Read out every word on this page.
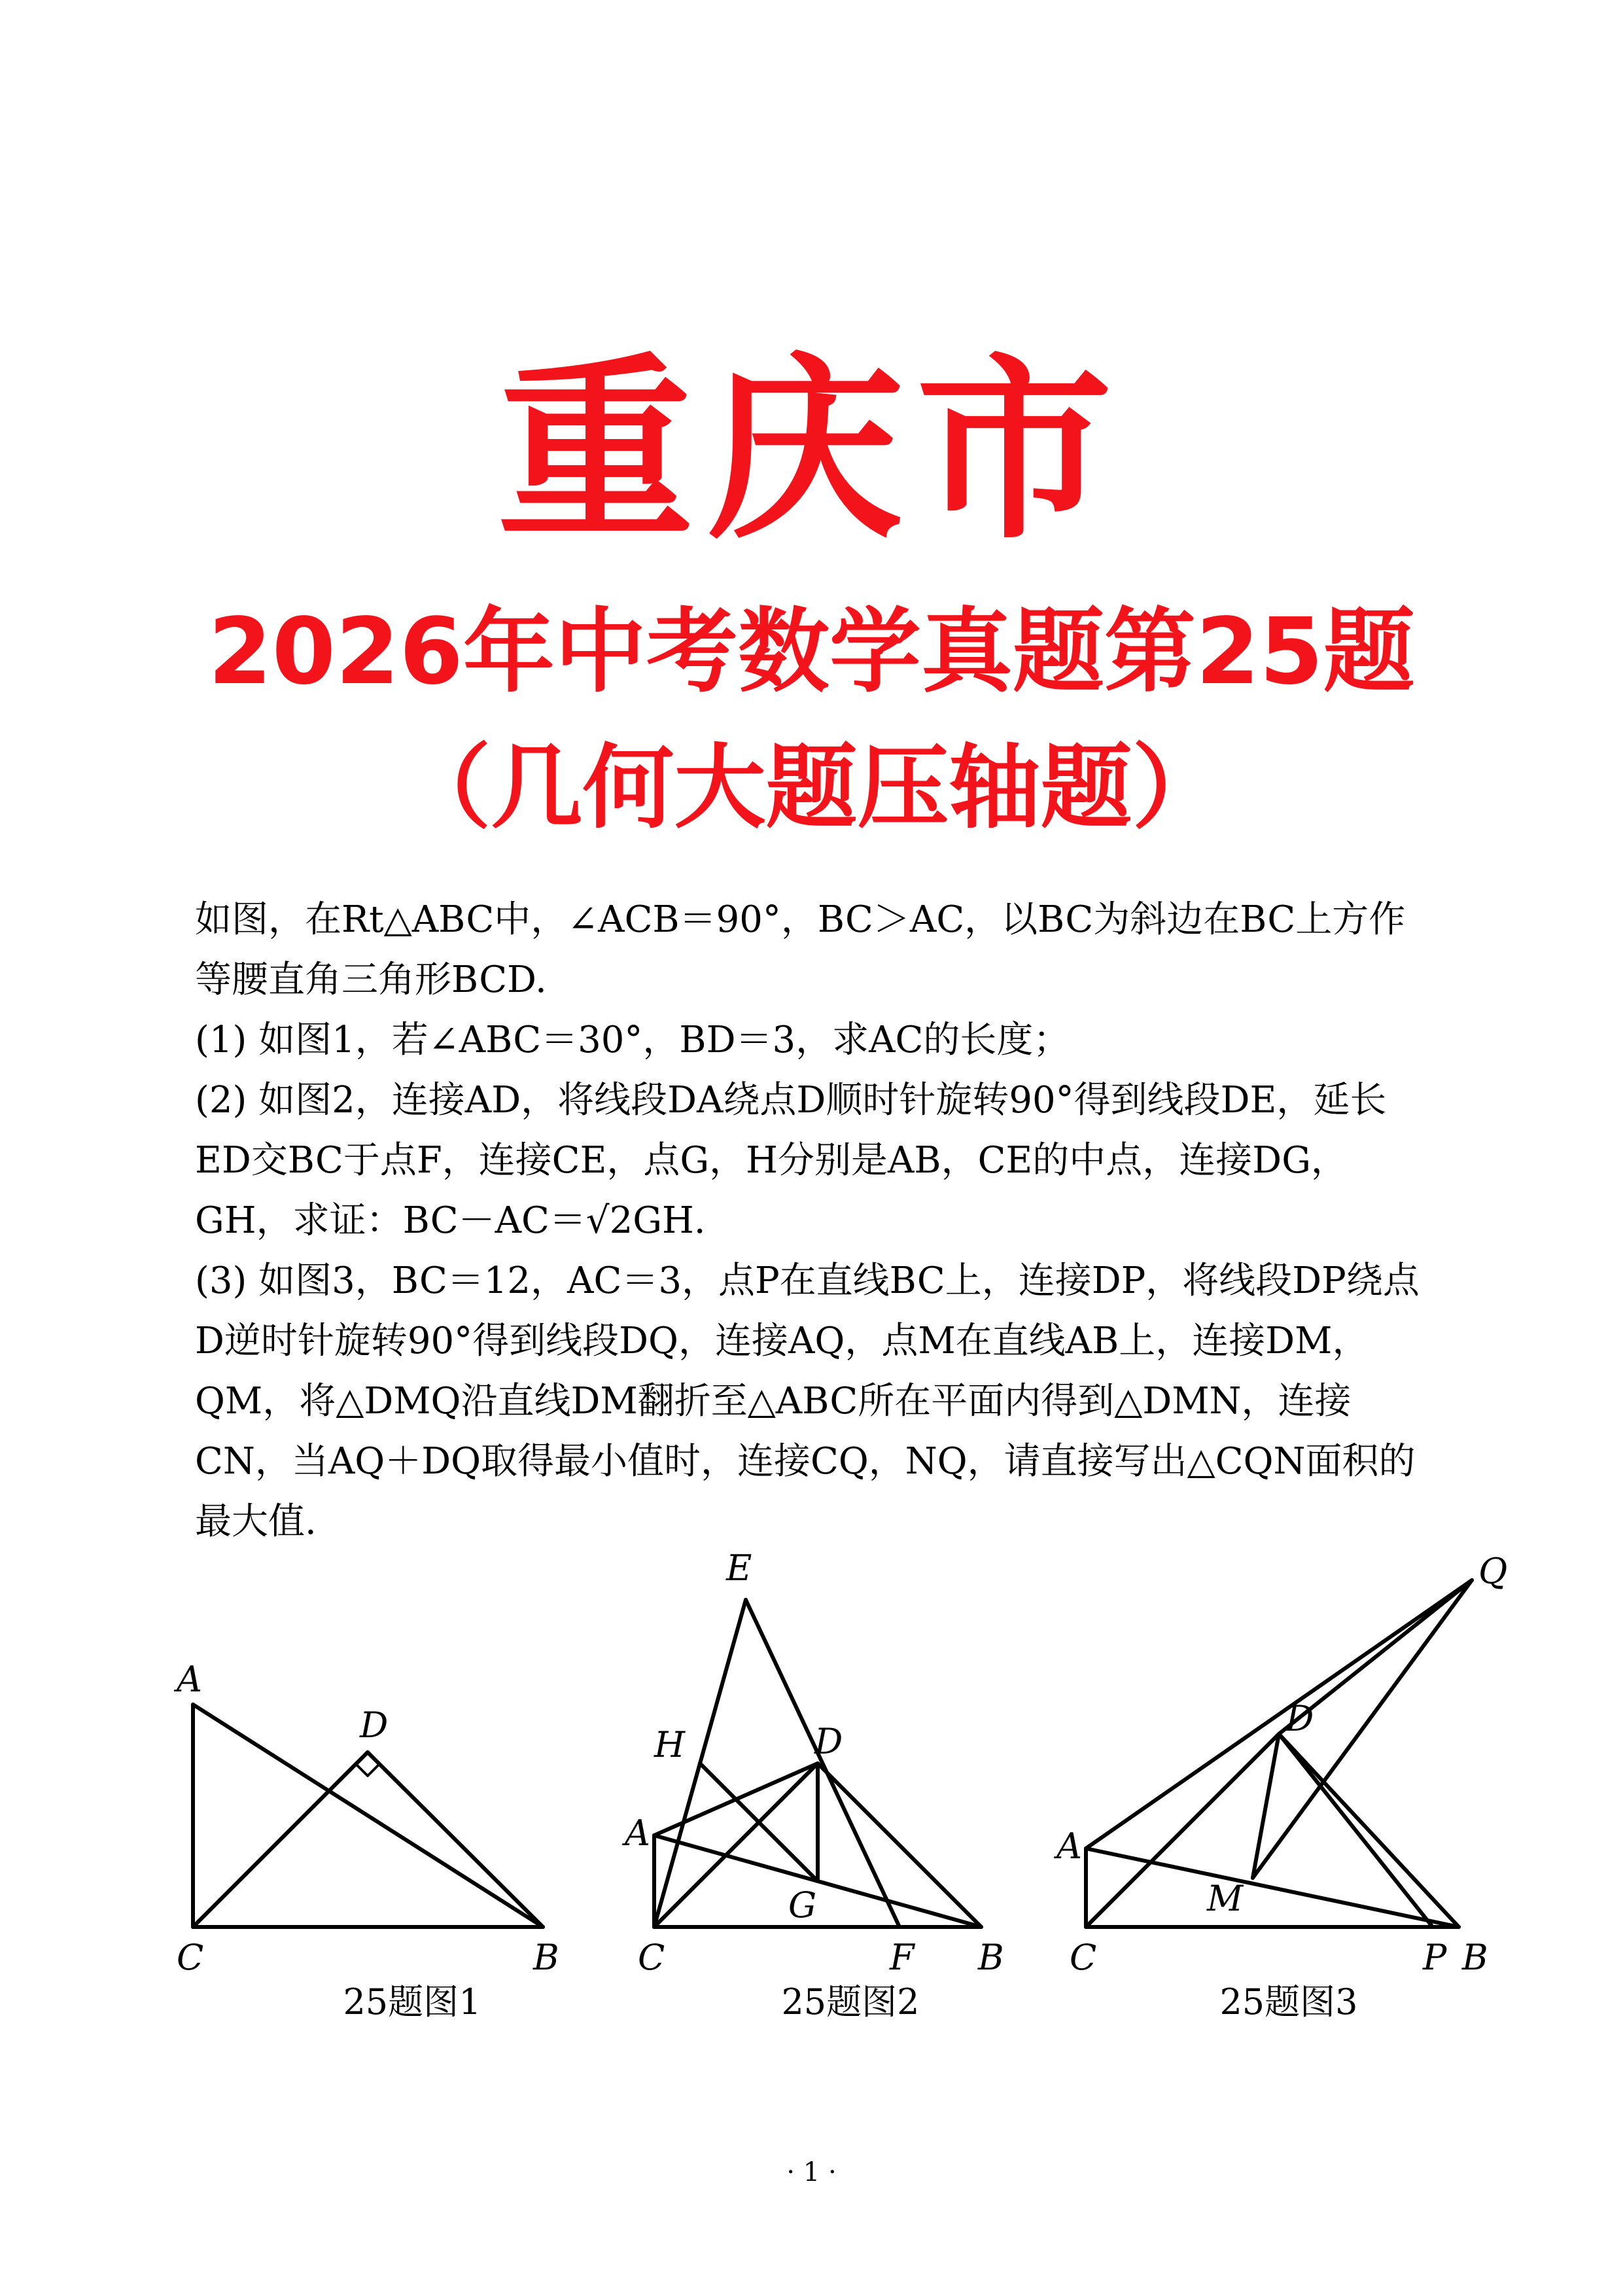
重庆市
2026年中考数学真题第25题
（几何大题压轴题）

如图，在Rt△ABC中，∠ACB＝90°，BC＞AC，以BC为斜边在BC上方作

等腰直角三角形BCD.

(1) 如图1，若∠ABC＝30°，BD＝3，求AC的长度；

(2) 如图2，连接AD，将线段DA绕点D顺时针旋转90°得到线段DE，延长

ED交BC于点F，连接CE，点G，H分别是AB，CE的中点，连接DG，

GH，求证：BC－AC＝√2GH.

(3) 如图3，BC＝12，AC＝3，点P在直线BC上，连接DP，将线段DP绕点

D逆时针旋转90°得到线段DQ，连接AQ，点M在直线AB上，连接DM，

QM，将△DMQ沿直线DM翻折至△ABC所在平面内得到△DMN，连接

CN，当AQ＋DQ取得最小值时，连接CQ，NQ，请直接写出△CQN面积的

最大值.

A
D
C	B
E
H	D
A
G
C	F B
Q
D
A
M
C	P B
25题图1	25题图2	25题图3
· 1 ·
